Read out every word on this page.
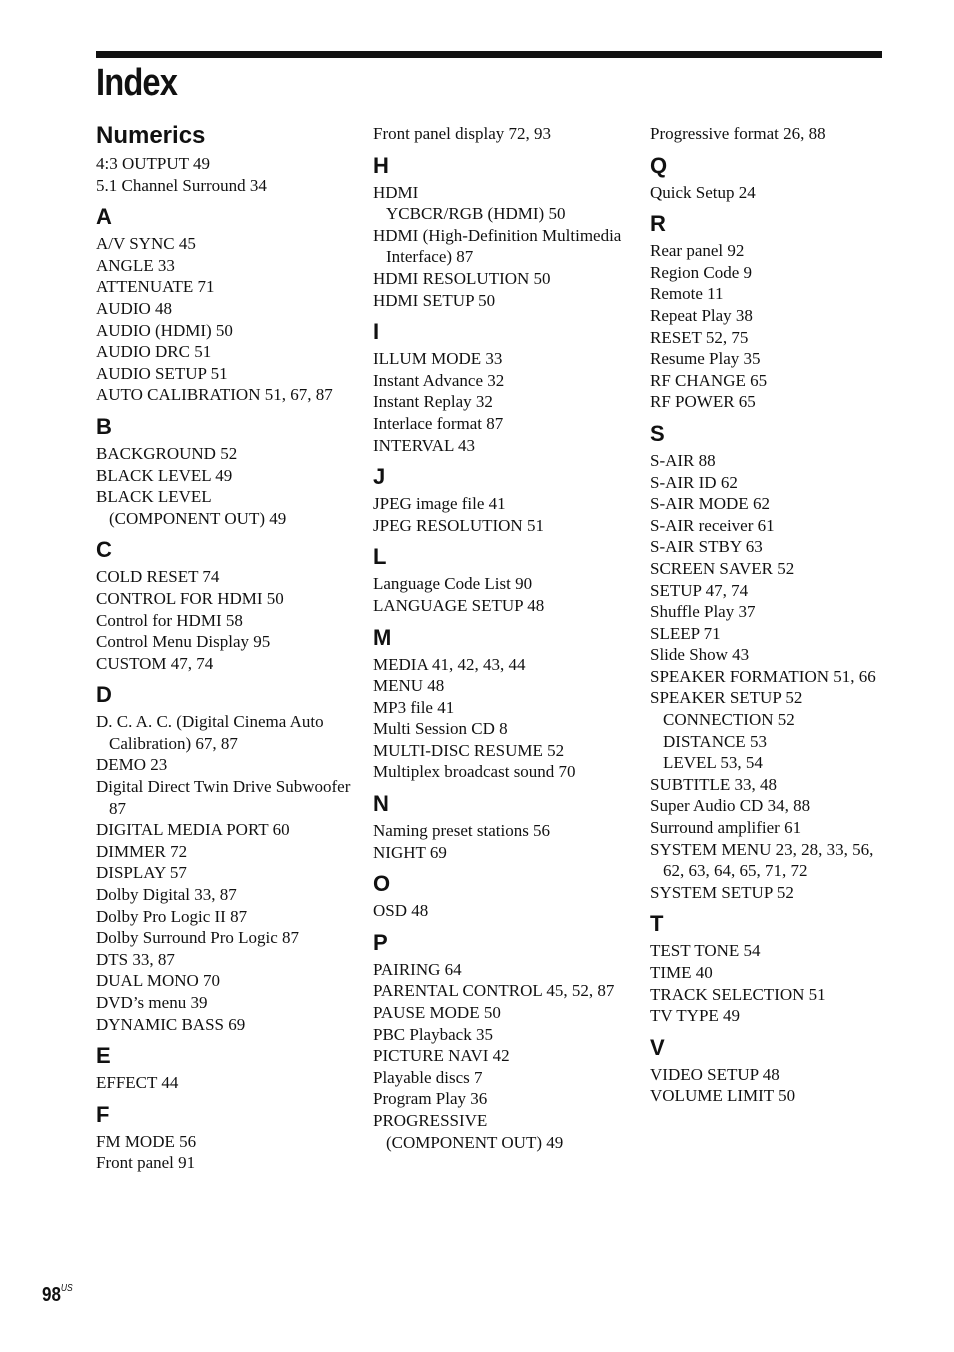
Index
Numerics
4:3 OUTPUT 49
5.1 Channel Surround 34
A
A/V SYNC 45
ANGLE 33
ATTENUATE 71
AUDIO 48
AUDIO (HDMI) 50
AUDIO DRC 51
AUDIO SETUP 51
AUTO CALIBRATION 51, 67, 87
B
BACKGROUND 52
BLACK LEVEL 49
BLACK LEVEL
(COMPONENT OUT) 49
C
COLD RESET 74
CONTROL FOR HDMI 50
Control for HDMI 58
Control Menu Display 95
CUSTOM 47, 74
D
D. C. A. C. (Digital Cinema Auto Calibration) 67, 87
DEMO 23
Digital Direct Twin Drive Subwoofer 87
DIGITAL MEDIA PORT 60
DIMMER 72
DISPLAY 57
Dolby Digital 33, 87
Dolby Pro Logic II 87
Dolby Surround Pro Logic 87
DTS 33, 87
DUAL MONO 70
DVD’s menu 39
DYNAMIC BASS 69
E
EFFECT 44
F
FM MODE 56
Front panel 91
Front panel display 72, 93
H
HDMI
YCBCR/RGB (HDMI) 50
HDMI (High-Definition Multimedia Interface) 87
HDMI RESOLUTION 50
HDMI SETUP 50
I
ILLUM MODE 33
Instant Advance 32
Instant Replay 32
Interlace format 87
INTERVAL 43
J
JPEG image file 41
JPEG RESOLUTION 51
L
Language Code List 90
LANGUAGE SETUP 48
M
MEDIA 41, 42, 43, 44
MENU 48
MP3 file 41
Multi Session CD 8
MULTI-DISC RESUME 52
Multiplex broadcast sound 70
N
Naming preset stations 56
NIGHT 69
O
OSD 48
P
PAIRING 64
PARENTAL CONTROL 45, 52, 87
PAUSE MODE 50
PBC Playback 35
PICTURE NAVI 42
Playable discs 7
Program Play 36
PROGRESSIVE
(COMPONENT OUT) 49
Progressive format 26, 88
Q
Quick Setup 24
R
Rear panel 92
Region Code 9
Remote 11
Repeat Play 38
RESET 52, 75
Resume Play 35
RF CHANGE 65
RF POWER 65
S
S-AIR 88
S-AIR ID 62
S-AIR MODE 62
S-AIR receiver 61
S-AIR STBY 63
SCREEN SAVER 52
SETUP 47, 74
Shuffle Play 37
SLEEP 71
Slide Show 43
SPEAKER FORMATION 51, 66
SPEAKER SETUP 52
CONNECTION 52
DISTANCE 53
LEVEL 53, 54
SUBTITLE 33, 48
Super Audio CD 34, 88
Surround amplifier 61
SYSTEM MENU 23, 28, 33, 56, 62, 63, 64, 65, 71, 72
SYSTEM SETUP 52
T
TEST TONE 54
TIME 40
TRACK SELECTION 51
TV TYPE 49
V
VIDEO SETUP 48
VOLUME LIMIT 50
$98^{US}$
